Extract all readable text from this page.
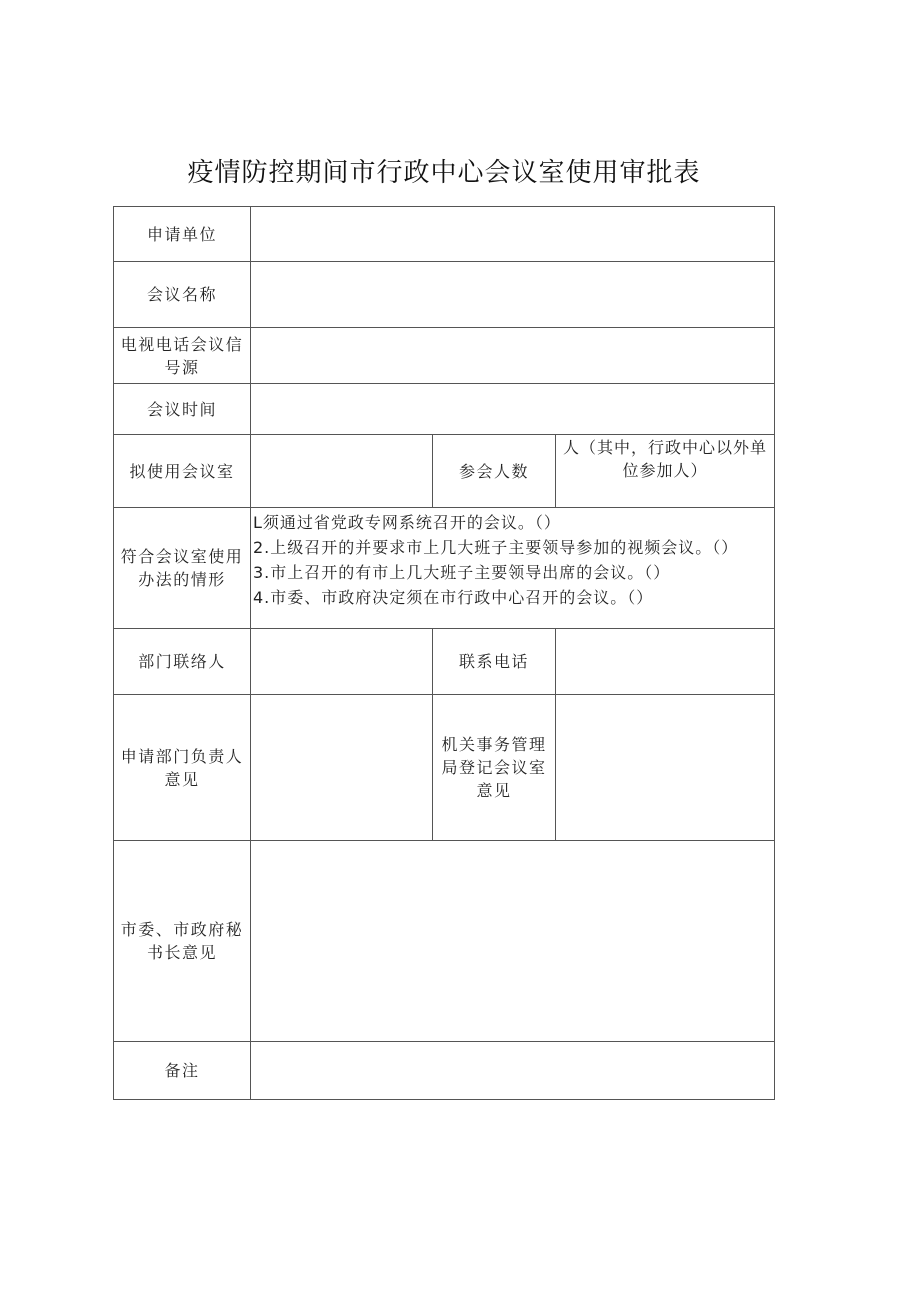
疫情防控期间市行政中心会议室使用审批表
申请单位			
会议名称			
电视电话会议信号源			
会议时间			
拟使用会议室		参会人数	人（其中，行政中心以外单位参加人）
符合会议室使用办法的情形	L须通过省党政专网系统召开的会议。（）
2.上级召开的并要求市上几大班子主要领导参加的视频会议。（）
3.市上召开的有市上几大班子主要领导出席的会议。（）
4.市委、市政府决定须在市行政中心召开的会议。（）		

部门联络人		联系电话	
申请部门负责人意见		机关事务管理局登记会议室意见	
市委、市政府秘书长意见			
备注			
